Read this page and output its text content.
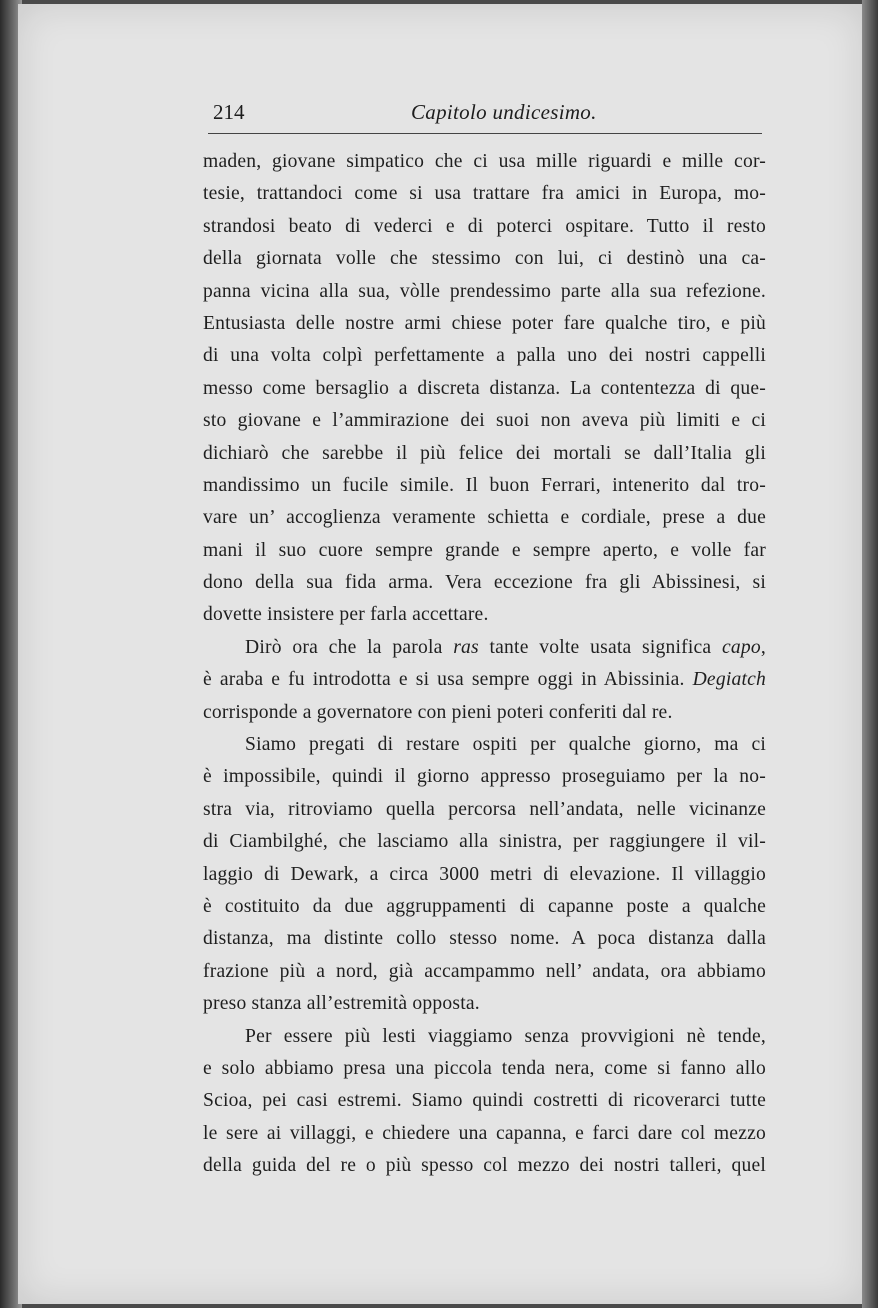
214	Capitolo undicesimo.
maden, giovane simpatico che ci usa mille riguardi e mille cor-
tesie, trattandoci come si usa trattare fra amici in Europa, mo-
strandosi beato di vederci e di poterci ospitare. Tutto il resto
della giornata volle che stessimo con lui, ci destinò una ca-
panna vicina alla sua, vòlle prendessimo parte alla sua refezione.
Entusiasta delle nostre armi chiese poter fare qualche tiro, e più
di una volta colpì perfettamente a palla uno dei nostri cappelli
messo come bersaglio a discreta distanza. La contentezza di que-
sto giovane e l’ammirazione dei suoi non aveva più limiti e ci
dichiarò che sarebbe il più felice dei mortali se dall’Italia gli
mandissimo un fucile simile. Il buon Ferrari, intenerito dal tro-
vare un’ accoglienza veramente schietta e cordiale, prese a due
mani il suo cuore sempre grande e sempre aperto, e volle far
dono della sua fida arma. Vera eccezione fra gli Abissinesi, si
dovette insistere per farla accettare.
Dirò ora che la parola ras tante volte usata significa capo,
è araba e fu introdotta e si usa sempre oggi in Abissinia. Degiatch
corrisponde a governatore con pieni poteri conferiti dal re.
Siamo pregati di restare ospiti per qualche giorno, ma ci
è impossibile, quindi il giorno appresso proseguiamo per la no-
stra via, ritroviamo quella percorsa nell’andata, nelle vicinanze
di Ciambilghé, che lasciamo alla sinistra, per raggiungere il vil-
laggio di Dewark, a circa 3000 metri di elevazione. Il villaggio
è costituito da due aggruppamenti di capanne poste a qualche
distanza, ma distinte collo stesso nome. A poca distanza dalla
frazione più a nord, già accampammo nell’ andata, ora abbiamo
preso stanza all’estremità opposta.
Per essere più lesti viaggiamo senza provvigioni nè tende,
e solo abbiamo presa una piccola tenda nera, come si fanno allo
Scioa, pei casi estremi. Siamo quindi costretti di ricoverarci tutte
le sere ai villaggi, e chiedere una capanna, e farci dare col mezzo
della guida del re o più spesso col mezzo dei nostri talleri, quel
